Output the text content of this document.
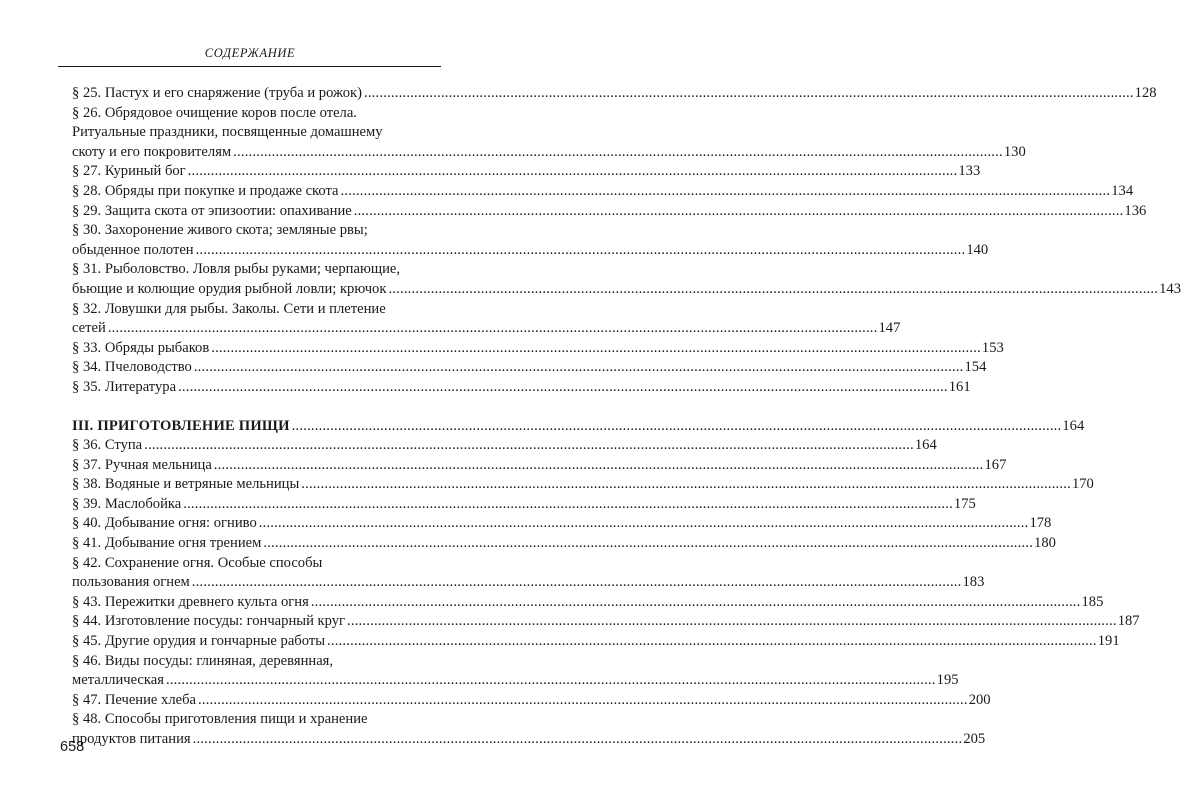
СОДЕРЖАНИЕ
§ 25. Пастух и его снаряжение (труба и рожок) ........................................................................................................................................................................................................ 128
§ 26. Обрядовое очищение коров после отела.
Ритуальные праздники, посвященные домашнему
скоту и его покровителям ........................................................................................................................................................................................................ 130
§ 27. Куриный бог ........................................................................................................................................................................................................ 133
§ 28. Обряды при покупке и продаже скота ........................................................................................................................................................................................................ 134
§ 29. Защита скота от эпизоотии: опахивание ........................................................................................................................................................................................................ 136
§ 30. Захоронение живого скота; земляные рвы;
обыденное полотен ........................................................................................................................................................................................................ 140
§ 31. Рыболовство. Ловля рыбы руками; черпающие,
бьющие и колющие орудия рыбной ловли; крючок ........................................................................................................................................................................................................ 143
§ 32. Ловушки для рыбы. Заколы. Сети и плетение
сетей ........................................................................................................................................................................................................ 147
§ 33. Обряды рыбаков ........................................................................................................................................................................................................ 153
§ 34. Пчеловодство ........................................................................................................................................................................................................ 154
§ 35. Литература ........................................................................................................................................................................................................ 161
III. ПРИГОТОВЛЕНИЕ ПИЩИ ........................................................................................................................................................................................................ 164
§ 36. Ступа ........................................................................................................................................................................................................ 164
§ 37. Ручная мельница ........................................................................................................................................................................................................ 167
§ 38. Водяные и ветряные мельницы ........................................................................................................................................................................................................ 170
§ 39. Маслобойка ........................................................................................................................................................................................................ 175
§ 40. Добывание огня: огниво ........................................................................................................................................................................................................ 178
§ 41. Добывание огня трением ........................................................................................................................................................................................................ 180
§ 42. Сохранение огня. Особые способы
пользования огнем ........................................................................................................................................................................................................ 183
§ 43. Пережитки древнего культа огня ........................................................................................................................................................................................................ 185
§ 44. Изготовление посуды: гончарный круг ........................................................................................................................................................................................................ 187
§ 45. Другие орудия и гончарные работы ........................................................................................................................................................................................................ 191
§ 46. Виды посуды: глиняная, деревянная,
металлическая ........................................................................................................................................................................................................ 195
§ 47. Печение хлеба ........................................................................................................................................................................................................ 200
§ 48. Способы приготовления пищи и хранение
продуктов питания ........................................................................................................................................................................................................ 205
658
